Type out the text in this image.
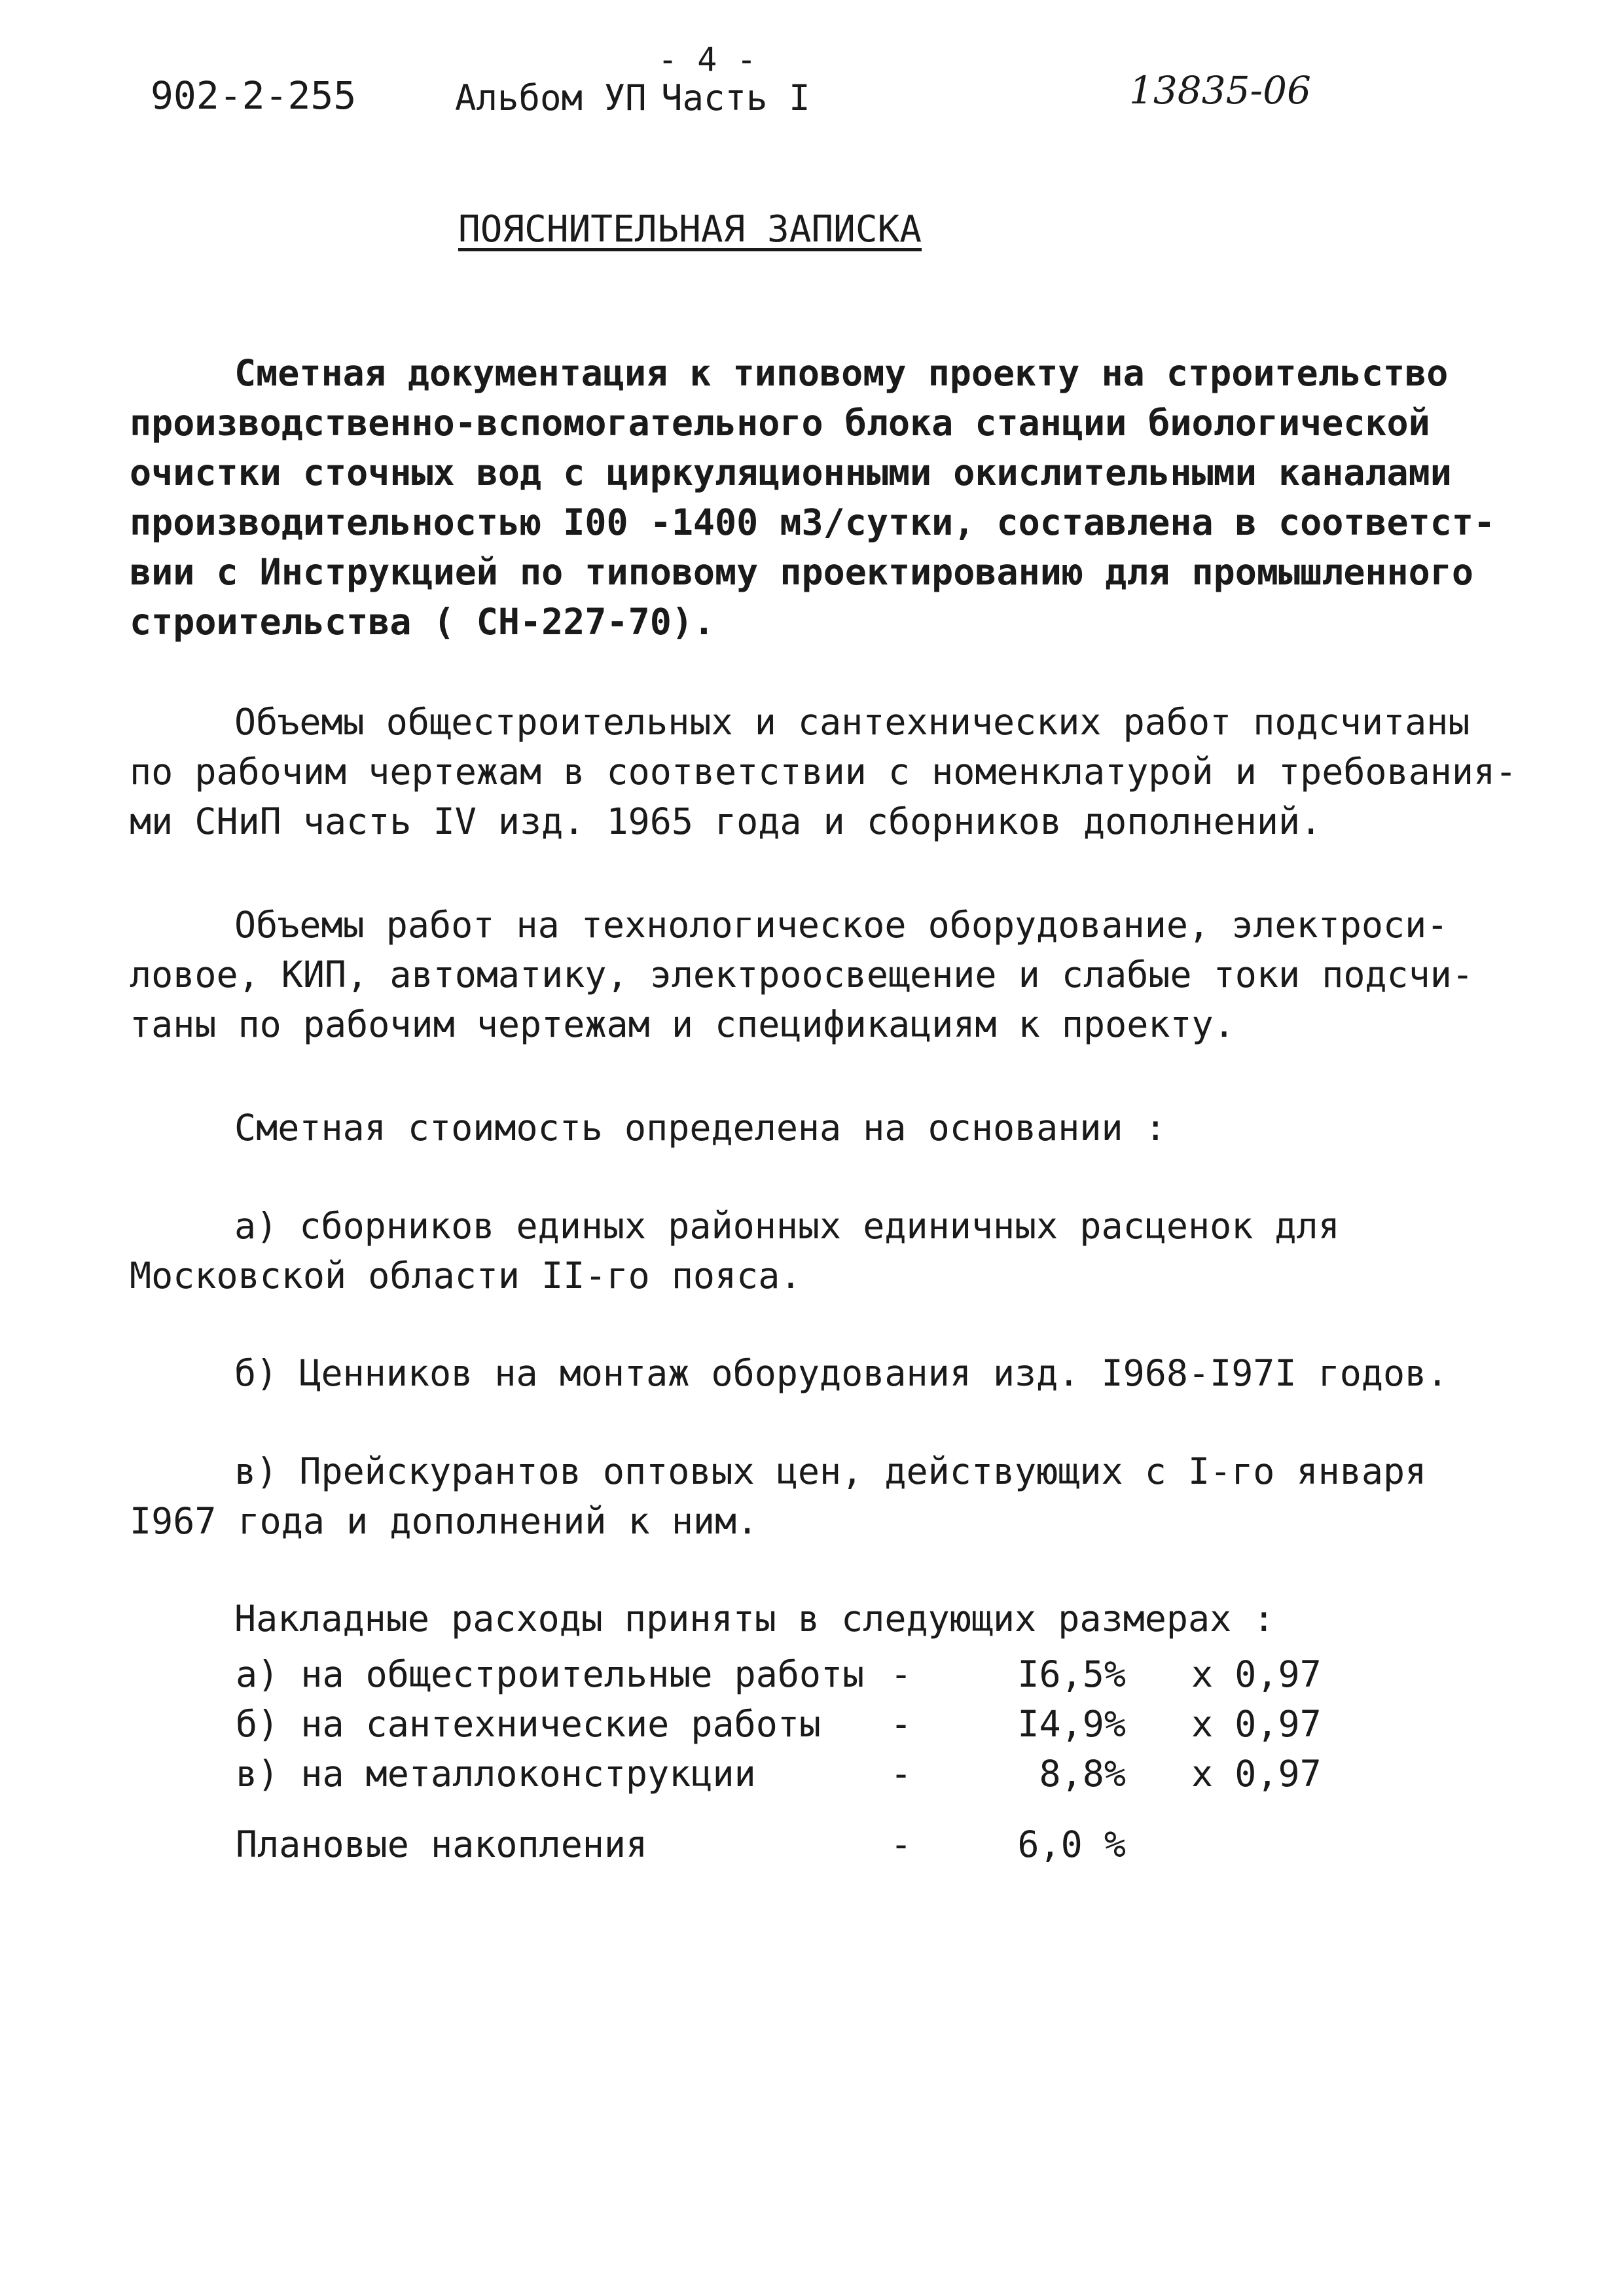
902-2-255	Альбом УП Часть I
- 4 -
13835-06
ПОЯСНИТЕЛЬНАЯ ЗАПИСКА
Сметная документация к типовому проекту на строительство
производственно-вспомогательного блока станции биологической
очистки сточных вод с циркуляционными окислительными каналами
производительностью I00 -1400 м3/сутки, составлена в соответст-
вии с Инструкцией по типовому проектированию для промышленного
строительства ( СН-227-70).
Объемы общестроительных и сантехнических работ подсчитаны
по рабочим чертежам в соответствии с номенклатурой и требования-
ми СНиП часть IV изд. 1965 года и сборников дополнений.
Объемы работ на технологическое оборудование, электроси-
ловое, КИП, автоматику, электроосвещение и слабые токи подсчи-
таны по рабочим чертежам и спецификациям к проекту.
Сметная стоимость определена на основании :
а) сборников единых районных единичных расценок для
Московской области II-го пояса.
б) Ценников на монтаж оборудования изд. I968-I97I годов.
в) Прейскурантов оптовых цен, действующих с I-го января
I967 года и дополнений к ним.
Накладные расходы приняты в следующих размерах :
а) на общестроительные работы -	I6,5% x 0,97
б) на сантехнические работы -	I4,9% x 0,97
в) на металлоконструкции	-	8,8% x 0,97
Плановые накопления	-	6,0 %
